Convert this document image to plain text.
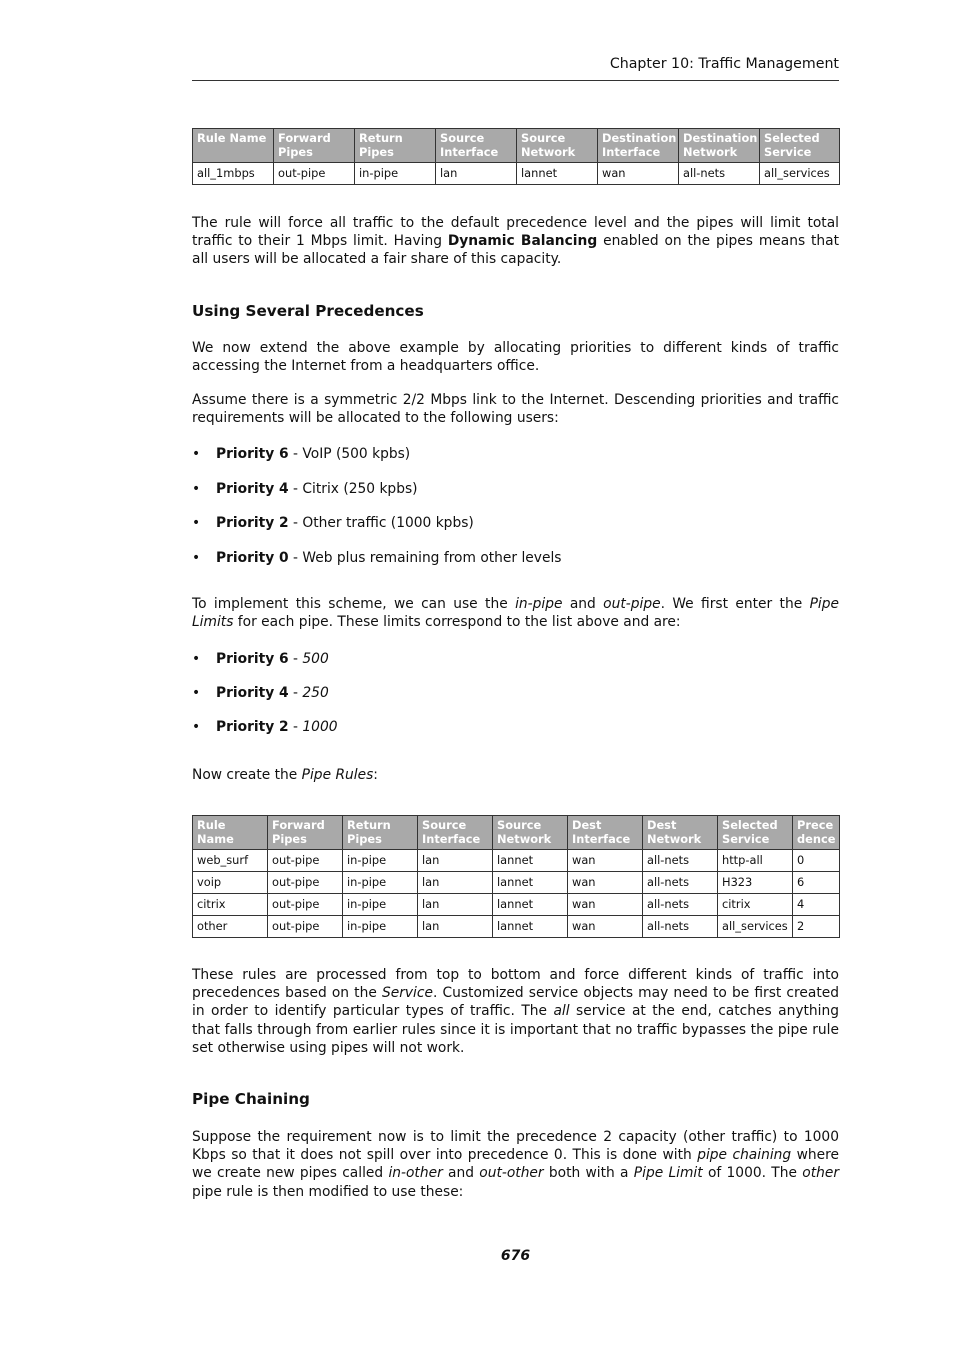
Chapter 10: Traffic Management
Rule Name	Forward Pipes	Return Pipes	Source Interface	Source Network	Destination Interface	Destination Network	Selected Service
all_1mbps	out-pipe	in-pipe	lan	lannet	wan	all-nets	all_services

The rule will force all traffic to the default precedence level and the pipes will limit total traffic to their 1 Mbps limit. Having Dynamic Balancing enabled on the pipes means that all users will be allocated a fair share of this capacity.

Using Several Precedences

We now extend the above example by allocating priorities to different kinds of traffic accessing the Internet from a headquarters office.

Assume there is a symmetric 2/2 Mbps link to the Internet. Descending priorities and traffic requirements will be allocated to the following users:

• Priority 6 - VoIP (500 kpbs)
• Priority 4 - Citrix (250 kpbs)
• Priority 2 - Other traffic (1000 kpbs)
• Priority 0 - Web plus remaining from other levels

To implement this scheme, we can use the in-pipe and out-pipe. We first enter the Pipe Limits for each pipe. These limits correspond to the list above and are:

• Priority 6 - 500
• Priority 4 - 250
• Priority 2 - 1000

Now create the Pipe Rules:

Rule Name	Forward Pipes	Return Pipes	Source Interface	Source Network	Dest Interface	Dest Network	Selected Service	Prece dence
web_surf	out-pipe	in-pipe	lan	lannet	wan	all-nets	http-all	0
voip	out-pipe	in-pipe	lan	lannet	wan	all-nets	H323	6
citrix	out-pipe	in-pipe	lan	lannet	wan	all-nets	citrix	4
other	out-pipe	in-pipe	lan	lannet	wan	all-nets	all_services	2

These rules are processed from top to bottom and force different kinds of traffic into precedences based on the Service. Customized service objects may need to be first created in order to identify particular types of traffic. The all service at the end, catches anything that falls through from earlier rules since it is important that no traffic bypasses the pipe rule set otherwise using pipes will not work.

Pipe Chaining

Suppose the requirement now is to limit the precedence 2 capacity (other traffic) to 1000 Kbps so that it does not spill over into precedence 0. This is done with pipe chaining where we create new pipes called in-other and out-other both with a Pipe Limit of 1000. The other pipe rule is then modified to use these:

676
